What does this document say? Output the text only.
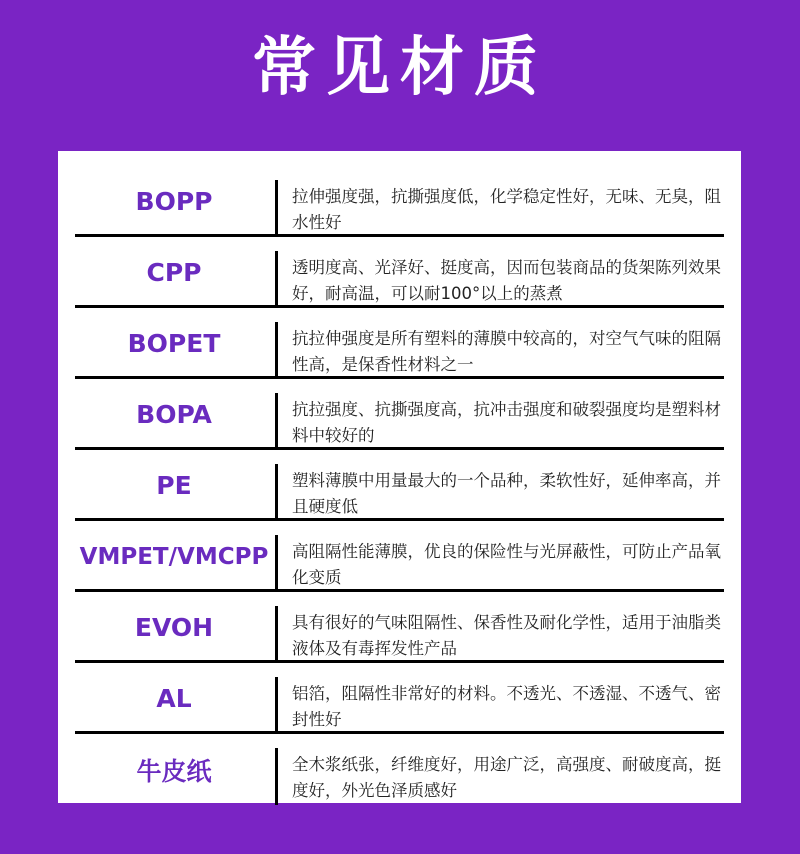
常见材质
BOPP	拉伸强度强，抗撕强度低，化学稳定性好，无味、无臭，阻水性好
CPP	透明度高、光泽好、挺度高，因而包装商品的货架陈列效果好，耐高温，可以耐100°以上的蒸煮
BOPET	抗拉伸强度是所有塑料的薄膜中较高的，对空气气味的阻隔性高，是保香性材料之一
BOPA	抗拉强度、抗撕强度高，抗冲击强度和破裂强度均是塑料材料中较好的
PE	塑料薄膜中用量最大的一个品种，柔软性好，延伸率高，并且硬度低
VMPET/VMCPP	高阻隔性能薄膜，优良的保险性与光屏蔽性，可防止产品氧化变质
EVOH	具有很好的气味阻隔性、保香性及耐化学性，适用于油脂类液体及有毒挥发性产品
AL	铝箔，阻隔性非常好的材料。不透光、不透湿、不透气、密封性好
牛皮纸	全木浆纸张，纤维度好，用途广泛，高强度、耐破度高，挺度好，外光色泽质感好
